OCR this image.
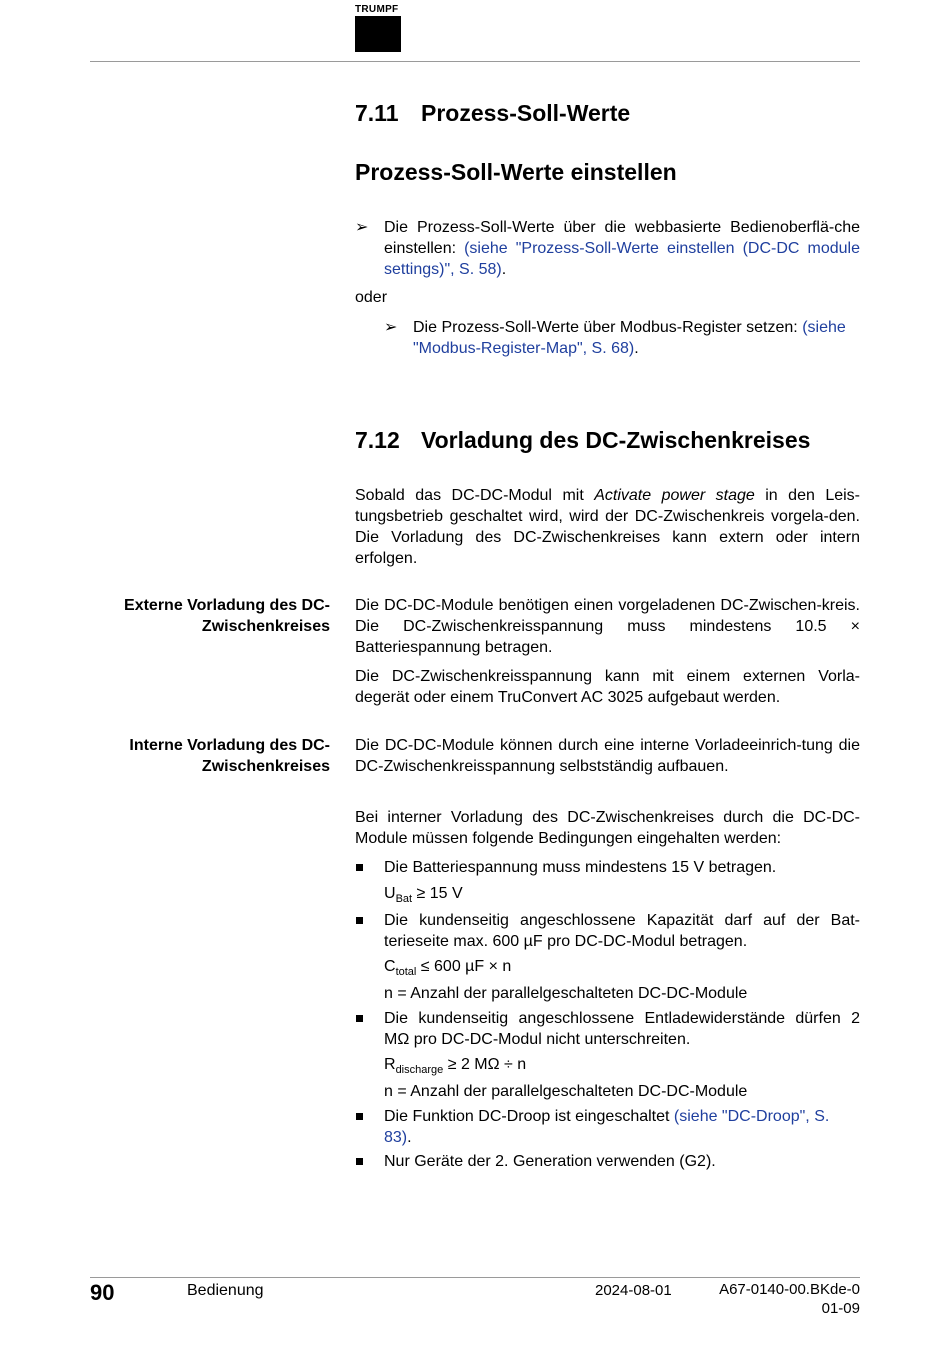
TRUMPF
7.11 Prozess-Soll-Werte
Prozess-Soll-Werte einstellen
➢ Die Prozess-Soll-Werte über die webbasierte Bedienoberflä-che einstellen: (siehe "Prozess-Soll-Werte einstellen (DC-DC module settings)", S. 58).
oder
➢ Die Prozess-Soll-Werte über Modbus-Register setzen: (siehe "Modbus-Register-Map", S. 68).
7.12 Vorladung des DC-Zwischenkreises
Sobald das DC-DC-Modul mit Activate power stage in den Leis-tungsbetrieb geschaltet wird, wird der DC-Zwischenkreis vorgela-den. Die Vorladung des DC-Zwischenkreises kann extern oder intern erfolgen.
Externe Vorladung des DC-Zwischenkreises
Die DC-DC-Module benötigen einen vorgeladenen DC-Zwischen-kreis. Die DC-Zwischenkreisspannung muss mindestens 10.5 × Batteriespannung betragen.
Die DC-Zwischenkreisspannung kann mit einem externen Vorla-degerät oder einem TruConvert AC 3025 aufgebaut werden.
Interne Vorladung des DC-Zwischenkreises
Die DC-DC-Module können durch eine interne Vorladeeinrich-tung die DC-Zwischenkreisspannung selbstständig aufbauen.
Bei interner Vorladung des DC-Zwischenkreises durch die DC-DC-Module müssen folgende Bedingungen eingehalten werden:
Die Batteriespannung muss mindestens 15 V betragen.
$U_{Bat} \ge 15$ V
Die kundenseitig angeschlossene Kapazität darf auf der Bat-terieseite max. 600 µF pro DC-DC-Modul betragen.
$C_{total} \le 600$ µF × n
n = Anzahl der parallelgeschalteten DC-DC-Module
Die kundenseitig angeschlossene Entladewiderstände dürfen 2 MΩ pro DC-DC-Modul nicht unterschreiten.
$R_{discharge} \ge 2$ MΩ ÷ n
n = Anzahl der parallelgeschalteten DC-DC-Module
Die Funktion DC-Droop ist eingeschaltet (siehe "DC-Droop", S. 83).
Nur Geräte der 2. Generation verwenden (G2).
90	Bedienung	2024-08-01	A67-0140-00.BKde-0
01-09
